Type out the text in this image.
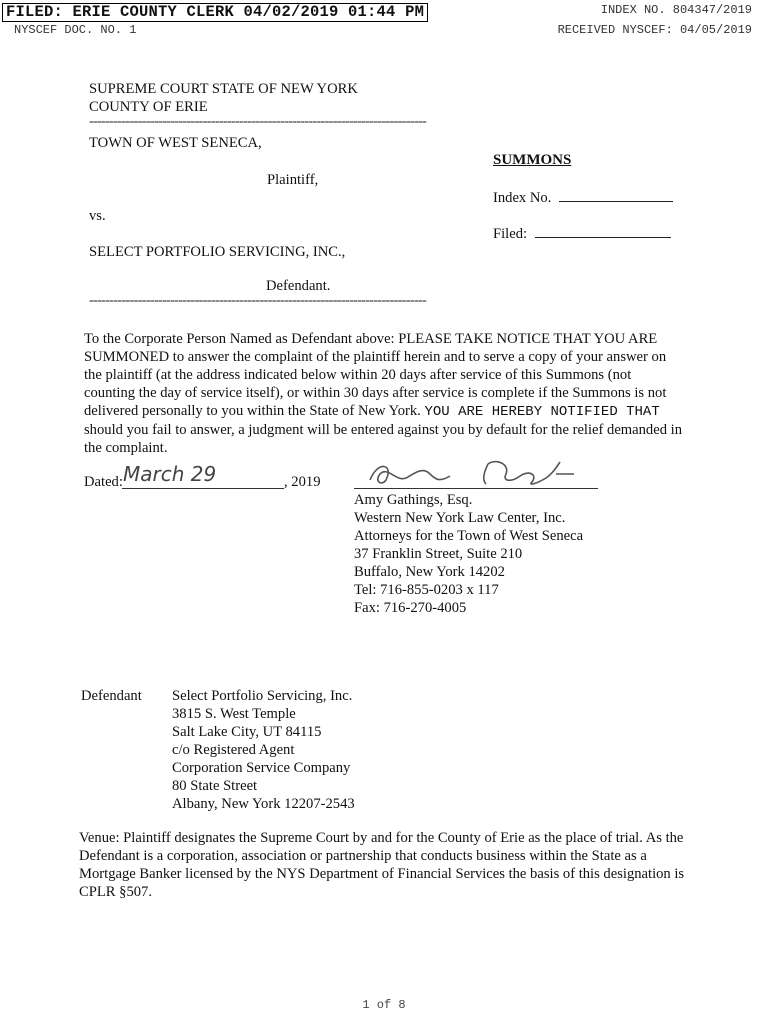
FILED: ERIE COUNTY CLERK 04/02/2019 01:44 PM
NYSCEF DOC. NO. 1
INDEX NO. 804347/2019
RECEIVED NYSCEF: 04/05/2019
SUPREME COURT STATE OF NEW YORK
COUNTY OF ERIE
-----------------------------------------------------------------------------------
TOWN OF WEST SENECA,
Plaintiff,
vs.
SELECT PORTFOLIO SERVICING, INC.,
Defendant.
-----------------------------------------------------------------------------------
SUMMONS
Index No.
Filed:
To the Corporate Person Named as Defendant above: PLEASE TAKE NOTICE THAT YOU ARE SUMMONED to answer the complaint of the plaintiff herein and to serve a copy of your answer on the plaintiff (at the address indicated below within 20 days after service of this Summons (not counting the day of service itself), or within 30 days after service is complete if the Summons is not delivered personally to you within the State of New York. YOU ARE HEREBY NOTIFIED THAT should you fail to answer, a judgment will be entered against you by default for the relief demanded in the complaint.
Dated: March 29	, 2019
Amy Gathings, Esq.
Western New York Law Center, Inc.
Attorneys for the Town of West Seneca
37 Franklin Street, Suite 210
Buffalo, New York 14202
Tel: 716-855-0203 x 117
Fax: 716-270-4005
Defendant Select Portfolio Servicing, Inc.
3815 S. West Temple
Salt Lake City, UT 84115
c/o Registered Agent
Corporation Service Company
80 State Street
Albany, New York 12207-2543
Venue: Plaintiff designates the Supreme Court by and for the County of Erie as the place of trial. As the Defendant is a corporation, association or partnership that conducts business within the State as a Mortgage Banker licensed by the NYS Department of Financial Services the basis of this designation is CPLR §507.
1 of 8
